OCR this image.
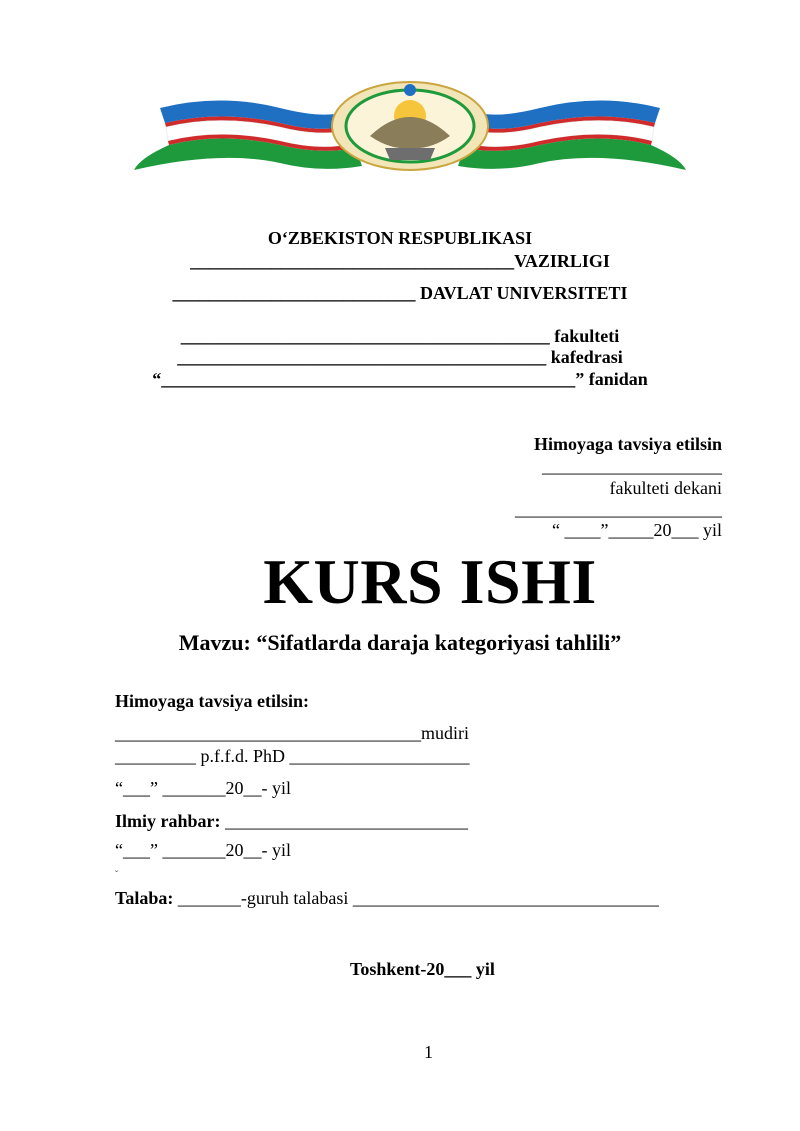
O‘ZBEKISTON RESPUBLIKASI
____________________________________VAZIRLIGI
___________________________ DAVLAT UNIVERSITETI
_________________________________________ fakulteti
_________________________________________ kafedrasi
“______________________________________________” fanidan
Himoyaga tavsiya etilsin
____________________
fakulteti dekani
_______________________
“ ____”_____20___ yil
KURS ISHI
Mavzu: “Sifatlarda daraja kategoriyasi tahlili”
Himoyaga tavsiya etilsin:
__________________________________mudiri
_________ p.f.f.d. PhD ____________________
“___” _______20__- yil
Ilmiy rahbar: ___________________________
“___” _______20__- yil
˘
Talaba: _______-guruh talabasi __________________________________
Toshkent-20___ yil
1
